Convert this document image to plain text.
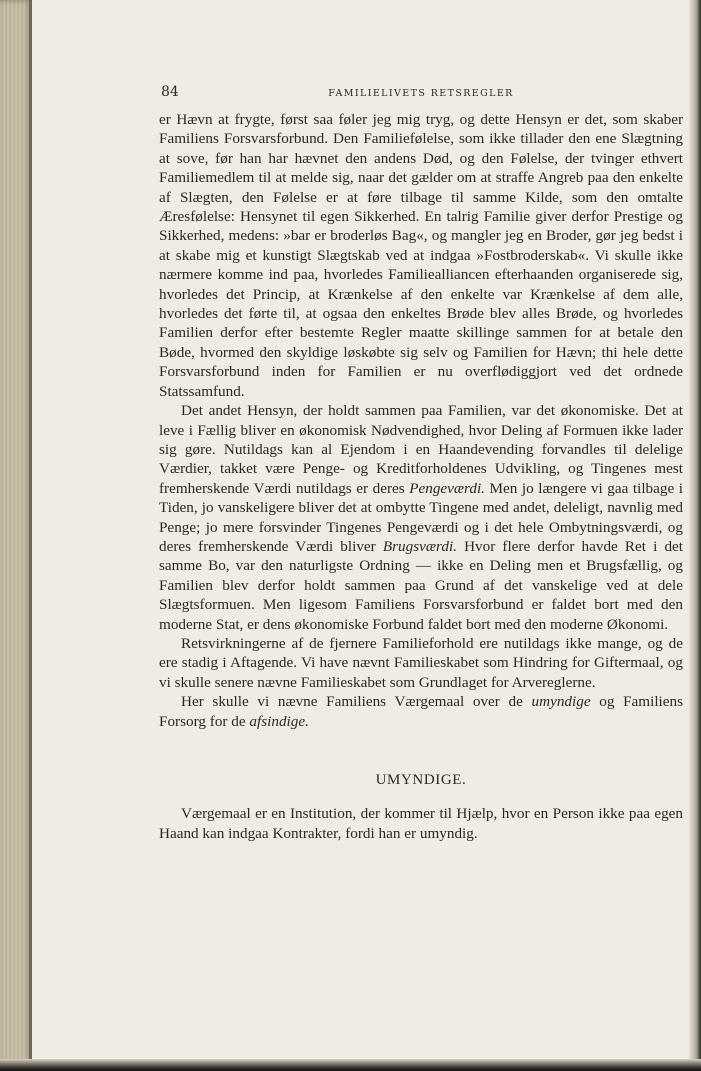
84	FAMILIELIVETS RETSREGLER

er Hævn at frygte, først saa føler jeg mig tryg, og dette Hensyn er det, som skaber Familiens Forsvarsforbund. Den Familiefølelse, som ikke tillader den ene Slægtning at sove, før han har hævnet den andens Død, og den Følelse, der tvinger ethvert Familiemedlem til at melde sig, naar det gælder om at straffe Angreb paa den enkelte af Slægten, den Følelse er at føre tilbage til samme Kilde, som den omtalte Æresfølelse: Hensynet til egen Sikkerhed. En talrig Familie giver derfor Prestige og Sikkerhed, medens: »bar er broderløs Bag«, og mangler jeg en Broder, gør jeg bedst i at skabe mig et kunstigt Slægtskab ved at indgaa »Fostbroderskab«. Vi skulle ikke nærmere komme ind paa, hvorledes Familiealliancen efterhaanden organiserede sig, hvorledes det Princip, at Krænkelse af den enkelte var Krænkelse af dem alle, hvorledes det førte til, at ogsaa den enkeltes Brøde blev alles Brøde, og hvorledes Familien derfor efter bestemte Regler maatte skillinge sammen for at betale den Bøde, hvormed den skyldige løskøbte sig selv og Familien for Hævn; thi hele dette Forsvarsforbund inden for Familien er nu overflødiggjort ved det ordnede Statssamfund.

Det andet Hensyn, der holdt sammen paa Familien, var det økonomiske. Det at leve i Fællig bliver en økonomisk Nødvendighed, hvor Deling af Formuen ikke lader sig gøre. Nutildags kan al Ejendom i en Haandevending forvandles til delelige Værdier, takket være Penge- og Kreditforholdenes Udvikling, og Tingenes mest fremherskende Værdi nutildags er deres Pengeværdi. Men jo længere vi gaa tilbage i Tiden, jo vanskeligere bliver det at ombytte Tingene med andet, deleligt, navnlig med Penge; jo mere forsvinder Tingenes Pengeværdi og i det hele Ombytningsværdi, og deres fremherskende Værdi bliver Brugsværdi. Hvor flere derfor havde Ret i det samme Bo, var den naturligste Ordning — ikke en Deling men et Brugsfællig, og Familien blev derfor holdt sammen paa Grund af det vanskelige ved at dele Slægtsformuen. Men ligesom Familiens Forsvarsforbund er faldet bort med den moderne Stat, er dens økonomiske Forbund faldet bort med den moderne Økonomi.

Retsvirkningerne af de fjernere Familieforhold ere nutildags ikke mange, og de ere stadig i Aftagende. Vi have nævnt Familieskabet som Hindring for Giftermaal, og vi skulle senere nævne Familieskabet som Grundlaget for Arvereglerne.

Her skulle vi nævne Familiens Værgemaal over de umyndige og Familiens Forsorg for de afsindige.

UMYNDIGE.

Værgemaal er en Institution, der kommer til Hjælp, hvor en Person ikke paa egen Haand kan indgaa Kontrakter, fordi han er umyndig.
